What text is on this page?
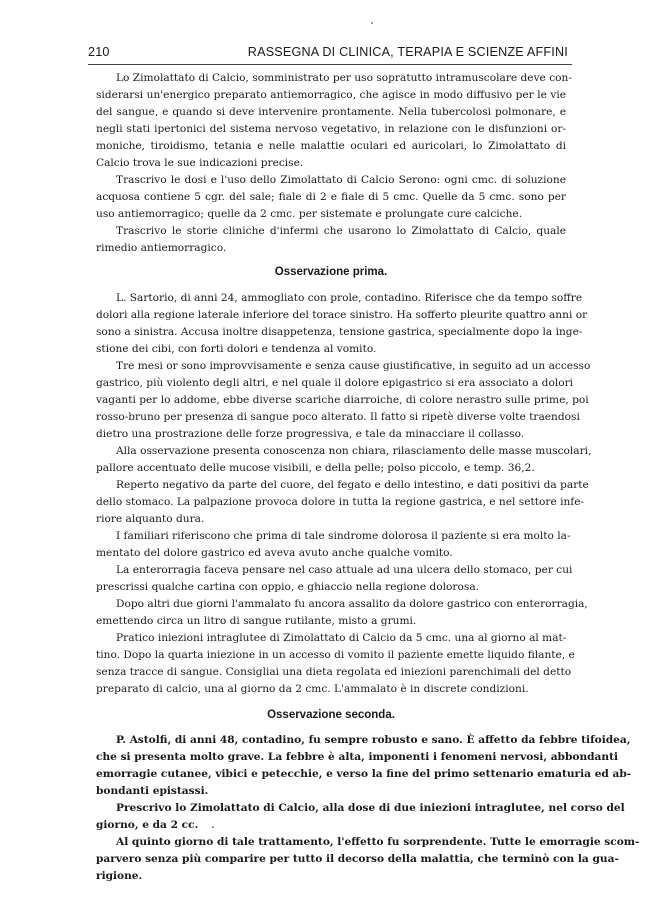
210	RASSEGNA DI CLINICA, TERAPIA E SCIENZE AFFINI
Lo Zimolattato di Calcio, somministrato per uso sopratutto intramuscolare deve con-
siderarsi un'energico preparato antiemorragico, che agisce in modo diffusivo per le vie
del sangue, e quando si deve intervenire prontamente. Nella tubercolosi polmonare, e
negli stati ipertonici del sistema nervoso vegetativo, in relazione con le disfunzioni or-
moniche, tiroidismo, tetania e nelle malattie oculari ed auricolari, lo Zimolattato di
Calcio trova le sue indicazioni precise.
Trascrivo le dosi e l'uso dello Zimolattato di Calcio Serono: ogni cmc. di soluzione
acquosa contiene 5 cgr. del sale; fiale di 2 e fiale di 5 cmc. Quelle da 5 cmc. sono per
uso antiemorragico; quelle da 2 cmc. per sistemate e prolungate cure calciche.
Trascrivo le storie cliniche d'infermi che usarono lo Zimolattato di Calcio, quale
rimedio antiemorragico.
Osservazione prima.
L. Sartorio, di anni 24, ammogliato con prole, contadino. Riferisce che da tempo soffre
dolori alla regione laterale inferiore del torace sinistro. Ha sofferto pleurite quattro anni or
sono a sinistra. Accusa inoltre disappetenza, tensione gastrica, specialmente dopo la inge-
stione dei cibi, con forti dolori e tendenza al vomito.
Tre mesi or sono improvvisamente e senza cause giustificative, in seguito ad un accesso
gastrico, più violento degli altri, e nel quale il dolore epigastrico si era associato a dolori
vaganti per lo addome, ebbe diverse scariche diarroiche, di colore nerastro sulle prime, poi
rosso-bruno per presenza di sangue poco alterato. Il fatto si ripetè diverse volte traendosi
dietro una prostrazione delle forze progressiva, e tale da minacciare il collasso.
Alla osservazione presenta conoscenza non chiara, rilasciamento delle masse muscolari,
pallore accentuato delle mucose visibili, e della pelle; polso piccolo, e temp. 36,2.
Reperto negativo da parte del cuore, del fegato e dello intestino, e dati positivi da parte
dello stomaco. La palpazione provoca dolore in tutta la regione gastrica, e nel settore infe-
riore alquanto dura.
I familiari riferiscono che prima di tale sindrome dolorosa il paziente si era molto la-
mentato del dolore gastrico ed aveva avuto anche qualche vomito.
La enterorragia faceva pensare nel caso attuale ad una ulcera dello stomaco, per cui
prescrissi qualche cartina con oppio, e ghiaccio nella regione dolorosa.
Dopo altri due giorni l'ammalato fu ancora assalito da dolore gastrico con enterorragia,
emettendo circa un litro di sangue rutilante, misto a grumi.
Pratico iniezioni intraglutee di Zimolattato di Calcio da 5 cmc. una al giorno al mat-
tino. Dopo la quarta iniezione in un accesso di vomito il paziente emette liquido filante, e
senza tracce di sangue. Consigliai una dieta regolata ed iniezioni parenchimali del detto
preparato di calcio, una al giorno da 2 cmc. L'ammalato è in discrete condizioni.
Osservazione seconda.
P. Astolfi, di anni 48, contadino, fu sempre robusto e sano. È affetto da febbre tifoidea,
che si presenta molto grave. La febbre è alta, imponenti i fenomeni nervosi, abbondanti
emorragie cutanee, vibici e petecchie, e verso la fine del primo settenario ematuria ed ab-
bondanti epistassi.
Prescrivo lo Zimolattato di Calcio, alla dose di due iniezioni intraglutee, nel corso del
giorno, e da 2 cc.
Al quinto giorno di tale trattamento, l'effetto fu sorprendente. Tutte le emorragie scom-
parvero senza più comparire per tutto il decorso della malattia, che terminò con la gua-
rigione.
